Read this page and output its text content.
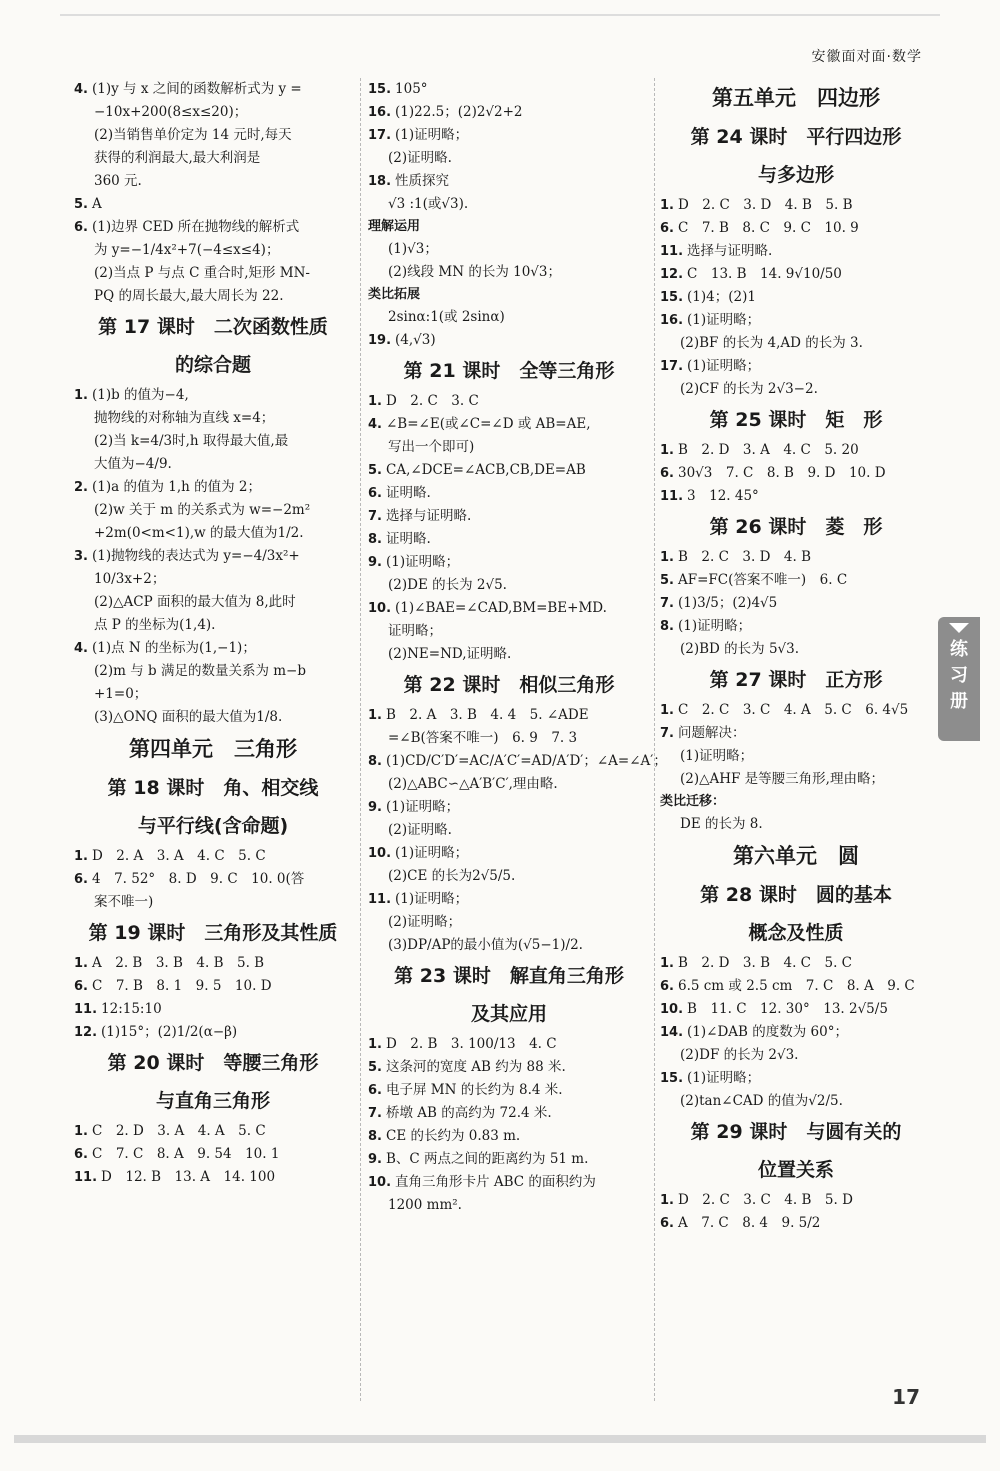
安徽面对面·数学
4. (1)y 与 x 之间的函数解析式为 y =
−10x+200(8≤x≤20)；
(2)当销售单价定为 14 元时,每天
获得的利润最大,最大利润是
360 元.
5. A
6. (1)边界 CED 所在抛物线的解析式
为 y=−1/4x²+7(−4≤x≤4)；
(2)当点 P 与点 C 重合时,矩形 MN-
PQ 的周长最大,最大周长为 22.
第 17 课时　二次函数性质
的综合题
1. (1)b 的值为−4,
抛物线的对称轴为直线 x=4；
(2)当 k=4/3时,h 取得最大值,最
大值为−4/9.
2. (1)a 的值为 1,h 的值为 2；
(2)w 关于 m 的关系式为 w=−2m²
+2m(0<m<1),w 的最大值为1/2.
3. (1)抛物线的表达式为 y=−4/3x²+
10/3x+2；
(2)△ACP 面积的最大值为 8,此时
点 P 的坐标为(1,4).
4. (1)点 N 的坐标为(1,−1)；
(2)m 与 b 满足的数量关系为 m−b
+1=0；
(3)△ONQ 面积的最大值为1/8.
第四单元　三角形
第 18 课时　角、相交线
与平行线(含命题)
1. D　2. A　3. A　4. C　5. C
6. 4　7. 52°　8. D　9. C　10. 0(答
案不唯一)
第 19 课时　三角形及其性质
1. A　2. B　3. B　4. B　5. B
6. C　7. B　8. 1　9. 5　10. D
11. 12:15:10
12. (1)15°；(2)1/2(α−β)
第 20 课时　等腰三角形
与直角三角形
1. C　2. D　3. A　4. A　5. C
6. C　7. C　8. A　9. 54　10. 1
11. D　12. B　13. A　14. 100
15. 105°
16. (1)22.5；(2)2√2+2
17. (1)证明略；
(2)证明略.
18. 性质探究
√3 :1(或√3).
理解运用
(1)√3；
(2)线段 MN 的长为 10√3；
类比拓展
2sinα:1(或 2sinα)
19. (4,√3)
第 21 课时　全等三角形
1. D　2. C　3. C
4. ∠B=∠E(或∠C=∠D 或 AB=AE,
写出一个即可)
5. CA,∠DCE=∠ACB,CB,DE=AB
6. 证明略.
7. 选择与证明略.
8. 证明略.
9. (1)证明略；
(2)DE 的长为 2√5.
10. (1)∠BAE=∠CAD,BM=BE+MD.
证明略；
(2)NE=ND,证明略.
第 22 课时　相似三角形
1. B　2. A　3. B　4. 4　5. ∠ADE
=∠B(答案不唯一)　6. 9　7. 3
8. (1)CD/C′D′=AC/A′C′=AD/A′D′；∠A=∠A′；
(2)△ABC∽△A′B′C′,理由略.
9. (1)证明略；
(2)证明略.
10. (1)证明略；
(2)CE 的长为2√5/5.
11. (1)证明略；
(2)证明略；
(3)DP/AP的最小值为(√5−1)/2.
第 23 课时　解直角三角形
及其应用
1. D　2. B　3. 100/13　4. C
5. 这条河的宽度 AB 约为 88 米.
6. 电子屏 MN 的长约为 8.4 米.
7. 桥墩 AB 的高约为 72.4 米.
8. CE 的长约为 0.83 m.
9. B、C 两点之间的距离约为 51 m.
10. 直角三角形卡片 ABC 的面积约为
1200 mm².
第五单元　四边形
第 24 课时　平行四边形
与多边形
1. D　2. C　3. D　4. B　5. B
6. C　7. B　8. C　9. C　10. 9
11. 选择与证明略.
12. C　13. B　14. 9√10/50
15. (1)4；(2)1
16. (1)证明略；
(2)BF 的长为 4,AD 的长为 3.
17. (1)证明略；
(2)CF 的长为 2√3−2.
第 25 课时　矩　形
1. B　2. D　3. A　4. C　5. 20
6. 30√3　7. C　8. B　9. D　10. D
11. 3　12. 45°
第 26 课时　菱　形
1. B　2. C　3. D　4. B
5. AF=FC(答案不唯一)　6. C
7. (1)3/5；(2)4√5
8. (1)证明略；
(2)BD 的长为 5√3.
第 27 课时　正方形
1. C　2. C　3. C　4. A　5. C　6. 4√5
7. 问题解决：
(1)证明略；
(2)△AHF 是等腰三角形,理由略；
类比迁移：
DE 的长为 8.
第六单元　圆
第 28 课时　圆的基本
概念及性质
1. B　2. D　3. B　4. C　5. C
6. 6.5 cm 或 2.5 cm　7. C　8. A　9. C
10. B　11. C　12. 30°　13. 2√5/5
14. (1)∠DAB 的度数为 60°；
(2)DF 的长为 2√3.
15. (1)证明略；
(2)tan∠CAD 的值为√2/5.
第 29 课时　与圆有关的
位置关系
1. D　2. C　3. C　4. B　5. D
6. A　7. C　8. 4　9. 5/2
练
习
册
17
